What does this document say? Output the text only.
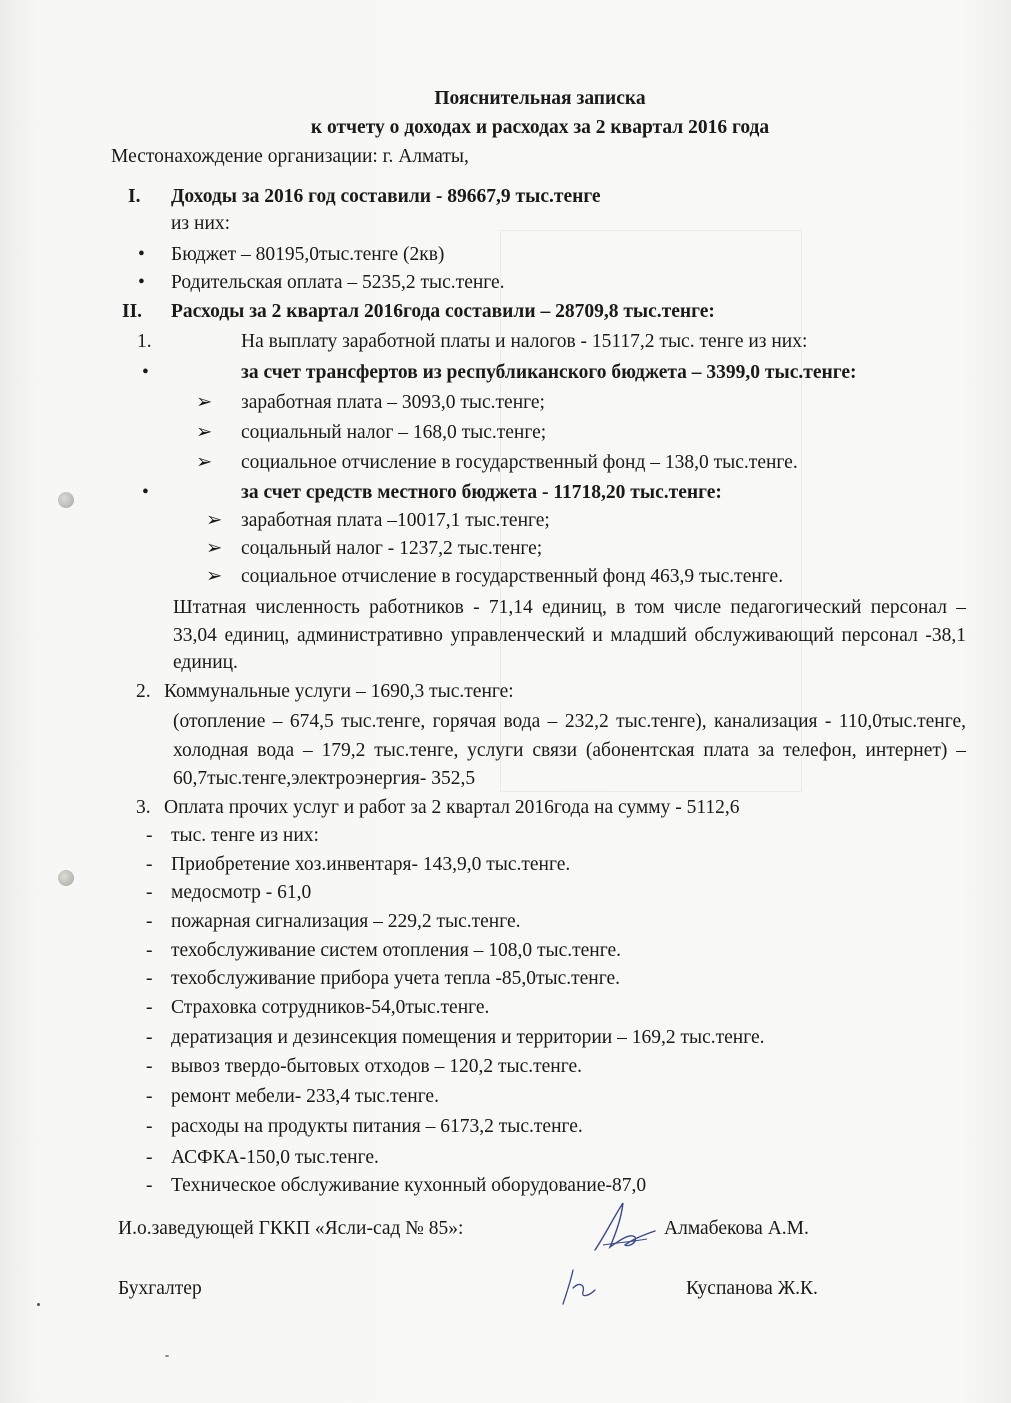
Пояснительная записка
к отчету о доходах и расходах за 2 квартал 2016 года
Местонахождение организации: г. Алматы,
I. Доходы за 2016 год составили - 89667,9 тыс.тенге
из них:
• Бюджет – 80195,0тыс.тенге (2кв)
• Родительская оплата – 5235,2 тыс.тенге.
II. Расходы за 2 квартал 2016года составили – 28709,8 тыс.тенге:
1.	На выплату заработной платы и налогов - 15117,2 тыс. тенге из них:
•	за счет трансфертов из республиканского бюджета – 3399,0 тыс.тенге:
➢ заработная плата – 3093,0 тыс.тенге;
➢ социальный налог – 168,0 тыс.тенге;
➢ социальное отчисление в государственный фонд – 138,0 тыс.тенге.
•	за счет средств местного бюджета - 11718,20 тыс.тенге:
➢ заработная плата –10017,1 тыс.тенге;
➢ соцальный налог - 1237,2 тыс.тенге;
➢ социальное отчисление в государственный фонд 463,9 тыс.тенге.
Штатная численность работников - 71,14 единиц, в том числе педагогический персонал – 33,04 единиц, административно управленческий и младший обслуживающий персонал -38,1 единиц.
2. Коммунальные услуги – 1690,3 тыс.тенге:
(отопление – 674,5 тыс.тенге, горячая вода – 232,2 тыс.тенге), канализация - 110,0тыс.тенге, холодная вода – 179,2 тыс.тенге, услуги связи (абонентская плата за телефон, интернет) – 60,7тыс.тенге,электроэнергия- 352,5
3. Оплата прочих услуг и работ за 2 квартал 2016года на сумму - 5112,6
- тыс. тенге из них:
- Приобретение хоз.инвентаря- 143,9,0 тыс.тенге.
- медосмотр - 61,0
- пожарная сигнализация – 229,2 тыс.тенге.
- техобслуживание систем отопления – 108,0 тыс.тенге.
- техобслуживание прибора учета тепла -85,0тыс.тенге.
- Страховка сотрудников-54,0тыс.тенге.
- дератизация и дезинсекция помещения и территории – 169,2 тыс.тенге.
- вывоз твердо-бытовых отходов – 120,2 тыс.тенге.
- ремонт мебели- 233,4 тыс.тенге.
- расходы на продукты питания – 6173,2 тыс.тенге.
- АСФКА-150,0 тыс.тенге.
- Техническое обслуживание кухонный оборудование-87,0
И.о.заведующей ГККП «Ясли-сад № 85»:	Алмабекова А.М.
Бухгалтер	Куспанова Ж.К.
